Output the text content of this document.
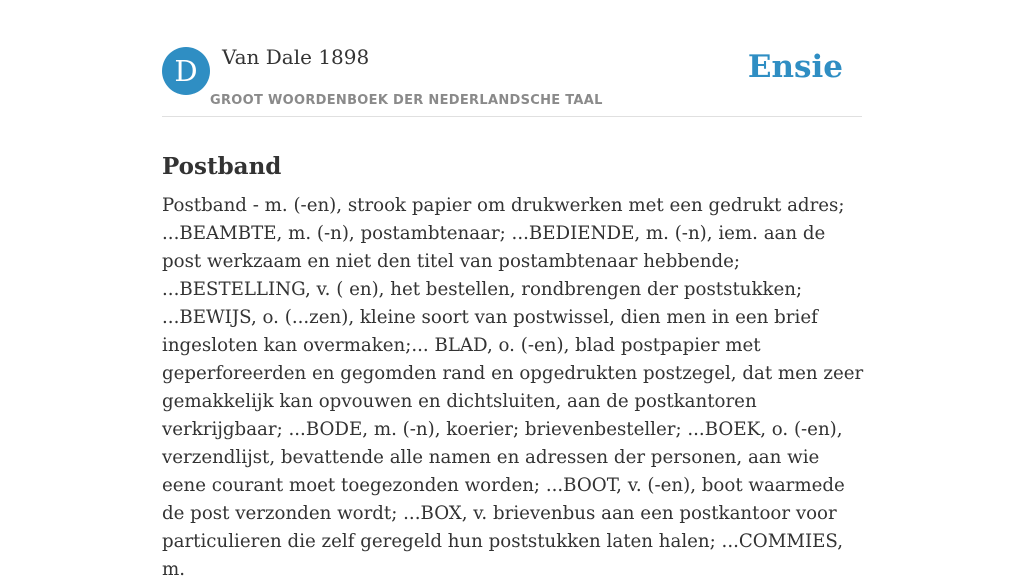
D	Van Dale 1898
GROOT WOORDENBOEK DER NEDERLANDSCHE TAAL
Ensie
Postband

Postband - m. (-en), strook papier om drukwerken met een gedrukt adres; ...BEAMBTE, m. (-n), postambtenaar; ...BEDIENDE, m. (-n), iem. aan de post werkzaam en niet den titel van postambtenaar hebbende; ...BESTELLING, v. ( en), het bestellen, rondbrengen der poststukken; ...BEWIJS, o. (...zen), kleine soort van postwissel, dien men in een brief ingesloten kan overmaken;... BLAD, o. (-en), blad postpapier met geperforeerden en gegomden rand en opgedrukten postzegel, dat men zeer gemakkelijk kan opvouwen en dichtsluiten, aan de postkantoren verkrijgbaar; ...BODE, m. (-n), koerier; brievenbesteller; ...BOEK, o. (-en), verzendlijst, bevattende alle namen en adressen der personen, aan wie eene courant moet toegezonden worden; ...BOOT, v. (-en), boot waarmede de post verzonden wordt; ...BOX, v. brievenbus aan een postkantoor voor particulieren die zelf geregeld hun poststukken laten halen; ...COMMIES, m.
